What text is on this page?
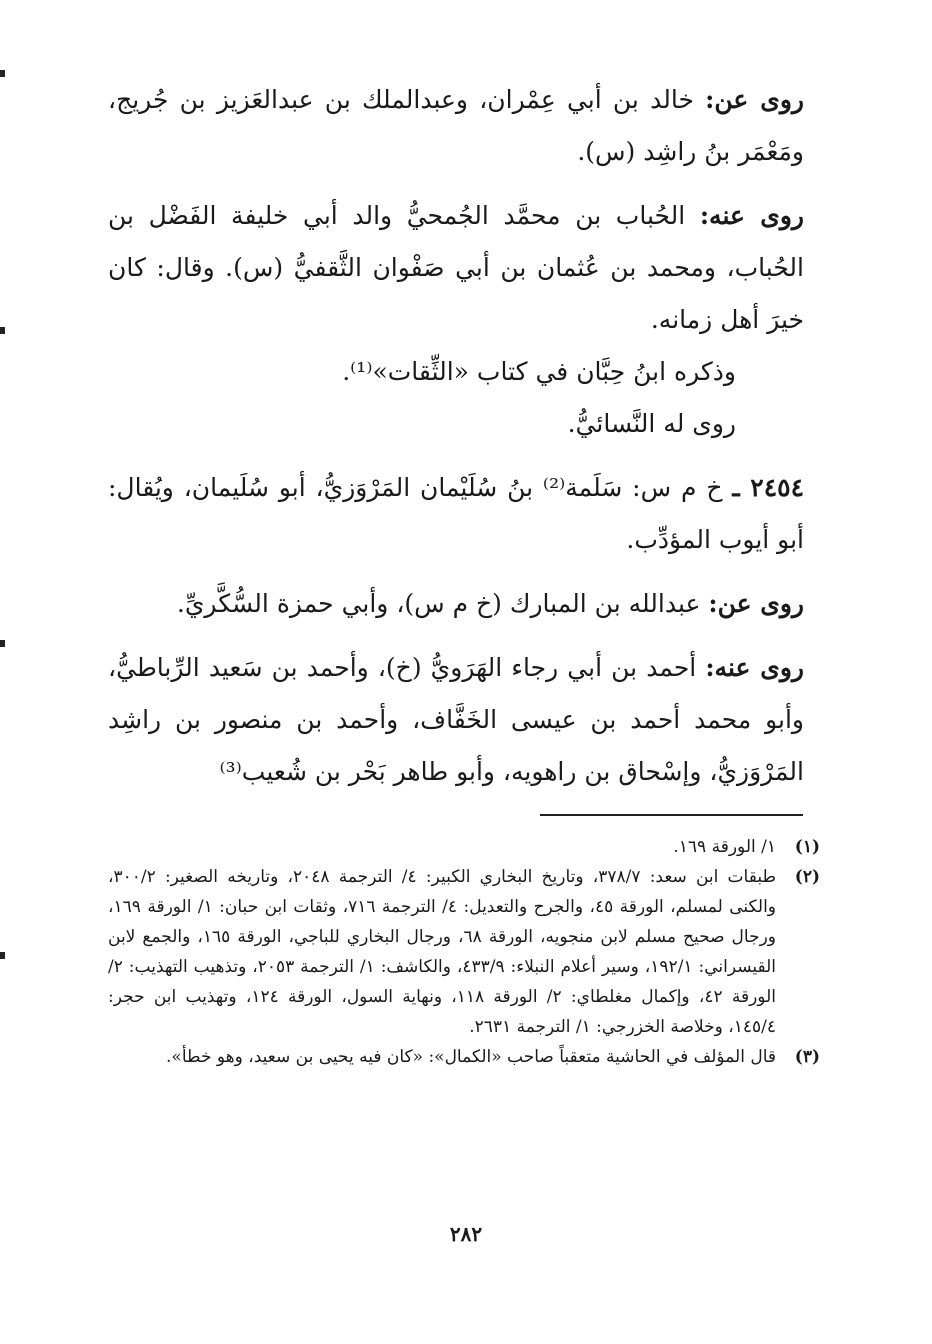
روى عن: خالد بن أبي عِمْران، وعبدالملك بن عبدالعَزيز بن جُريج، ومَعْمَر بنُ راشِد (س).

روى عنه: الحُباب بن محمَّد الجُمحيُّ والد أبي خليفة الفَضْل بن الحُباب، ومحمد بن عُثمان بن أبي صَفْوان الثَّقفيُّ (س). وقال: كان خيرَ أهل زمانه.

وذكره ابنُ حِبَّان في كتاب «الثِّقات»⁽¹⁾.

روى له النَّسائيُّ.

٢٤٥٤ ـ خ م س: سَلَمة⁽²⁾ بنُ سُلَيْمان المَرْوَزيُّ، أبو سُلَيمان، ويُقال: أبو أيوب المؤدِّب.

روى عن: عبدالله بن المبارك (خ م س)، وأبي حمزة السُّكَّريِّ.

روى عنه: أحمد بن أبي رجاء الهَرَويُّ (خ)، وأحمد بن سَعيد الرِّباطيُّ، وأبو محمد أحمد بن عيسى الخَفَّاف، وأحمد بن منصور بن راشِد المَرْوَزيُّ، وإسْحاق بن راهويه، وأبو طاهر بَحْر بن شُعيب⁽³⁾

(١)
١/ الورقة ١٦٩.
(٢)
طبقات ابن سعد: ٣٧٨/٧، وتاريخ البخاري الكبير: ٤/ الترجمة ٢٠٤٨، وتاريخه الصغير: ٣٠٠/٢، والكنى لمسلم، الورقة ٤٥، والجرح والتعديل: ٤/ الترجمة ٧١٦، وثقات ابن حبان: ١/ الورقة ١٦٩، ورجال صحيح مسلم لابن منجويه، الورقة ٦٨، ورجال البخاري للباجي، الورقة ١٦٥، والجمع لابن القيسراني: ١٩٢/١، وسير أعلام النبلاء: ٤٣٣/٩، والكاشف: ١/ الترجمة ٢٠٥٣، وتذهيب التهذيب: ٢/ الورقة ٤٢، وإكمال مغلطاي: ٢/ الورقة ١١٨، ونهاية السول، الورقة ١٢٤، وتهذيب ابن حجر: ١٤٥/٤، وخلاصة الخزرجي: ١/ الترجمة ٢٦٣١.
(٣)
قال المؤلف في الحاشية متعقباً صاحب «الكمال»: «كان فيه يحيى بن سعيد، وهو خطأ».
٢٨٢
